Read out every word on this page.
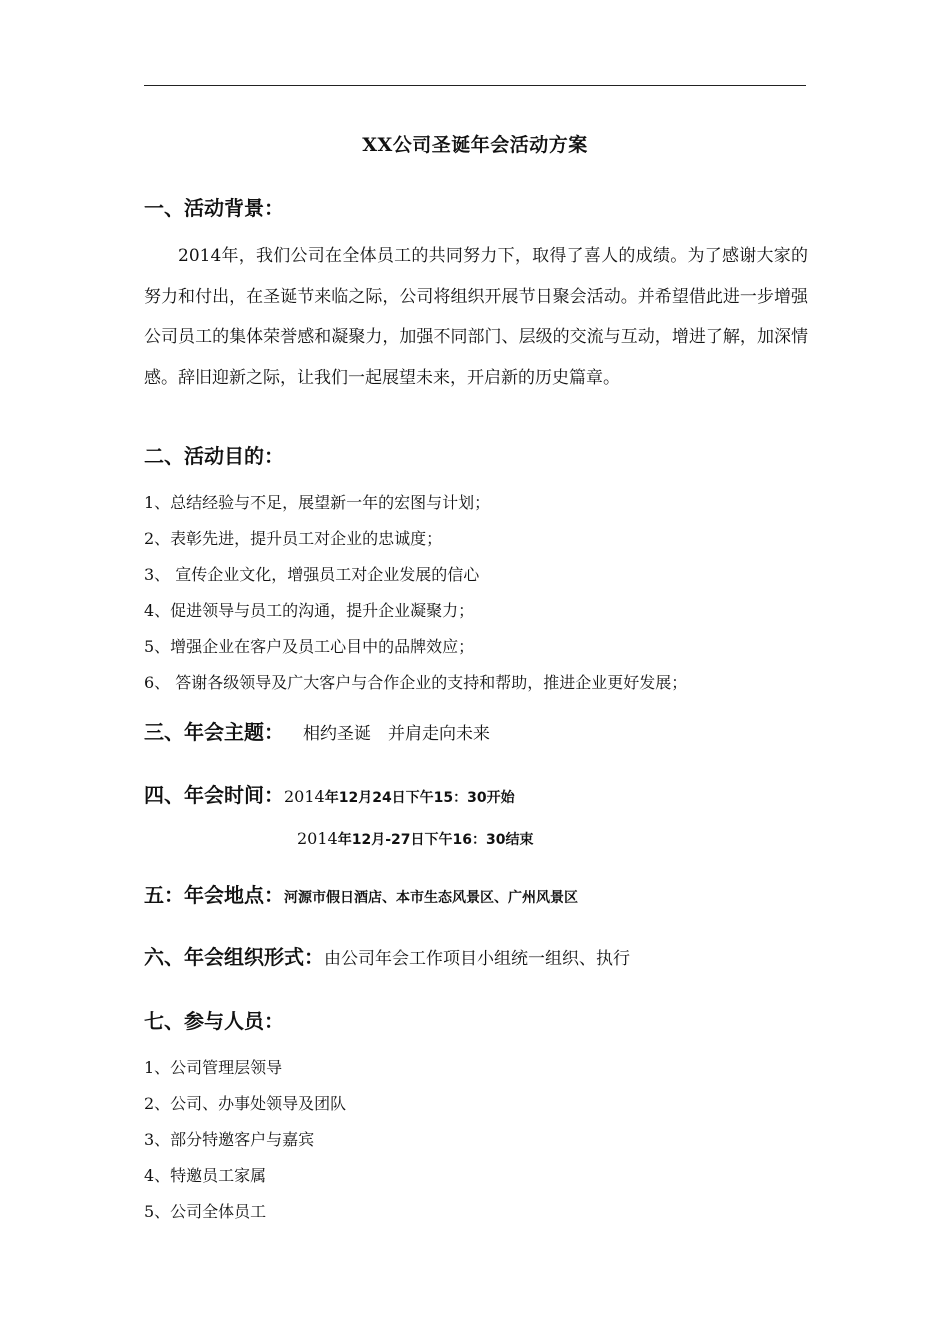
XX公司圣诞年会活动方案
一、活动背景：
2014年，我们公司在全体员工的共同努力下，取得了喜人的成绩。为了感谢大家的努力和付出，在圣诞节来临之际，公司将组织开展节日聚会活动。并希望借此进一步增强公司员工的集体荣誉感和凝聚力，加强不同部门、层级的交流与互动，增进了解，加深情感。辞旧迎新之际，让我们一起展望未来，开启新的历史篇章。
二、活动目的：
1、总结经验与不足，展望新一年的宏图与计划；
2、表彰先进，提升员工对企业的忠诚度；
3、 宣传企业文化，增强员工对企业发展的信心
4、促进领导与员工的沟通，提升企业凝聚力；
5、增强企业在客户及员工心目中的品牌效应；
6、 答谢各级领导及广大客户与合作企业的支持和帮助，推进企业更好发展；
三、年会主题： 相约圣诞　并肩走向未来
四、年会时间：2014年12月24日下午15：30开始
2014年12月-27日下午16：30结束
五：年会地点：河源市假日酒店、本市生态风景区、广州风景区
六、年会组织形式：由公司年会工作项目小组统一组织、执行
七、参与人员：
1、公司管理层领导
2、公司、办事处领导及团队
3、部分特邀客户与嘉宾
4、特邀员工家属
5、公司全体员工
